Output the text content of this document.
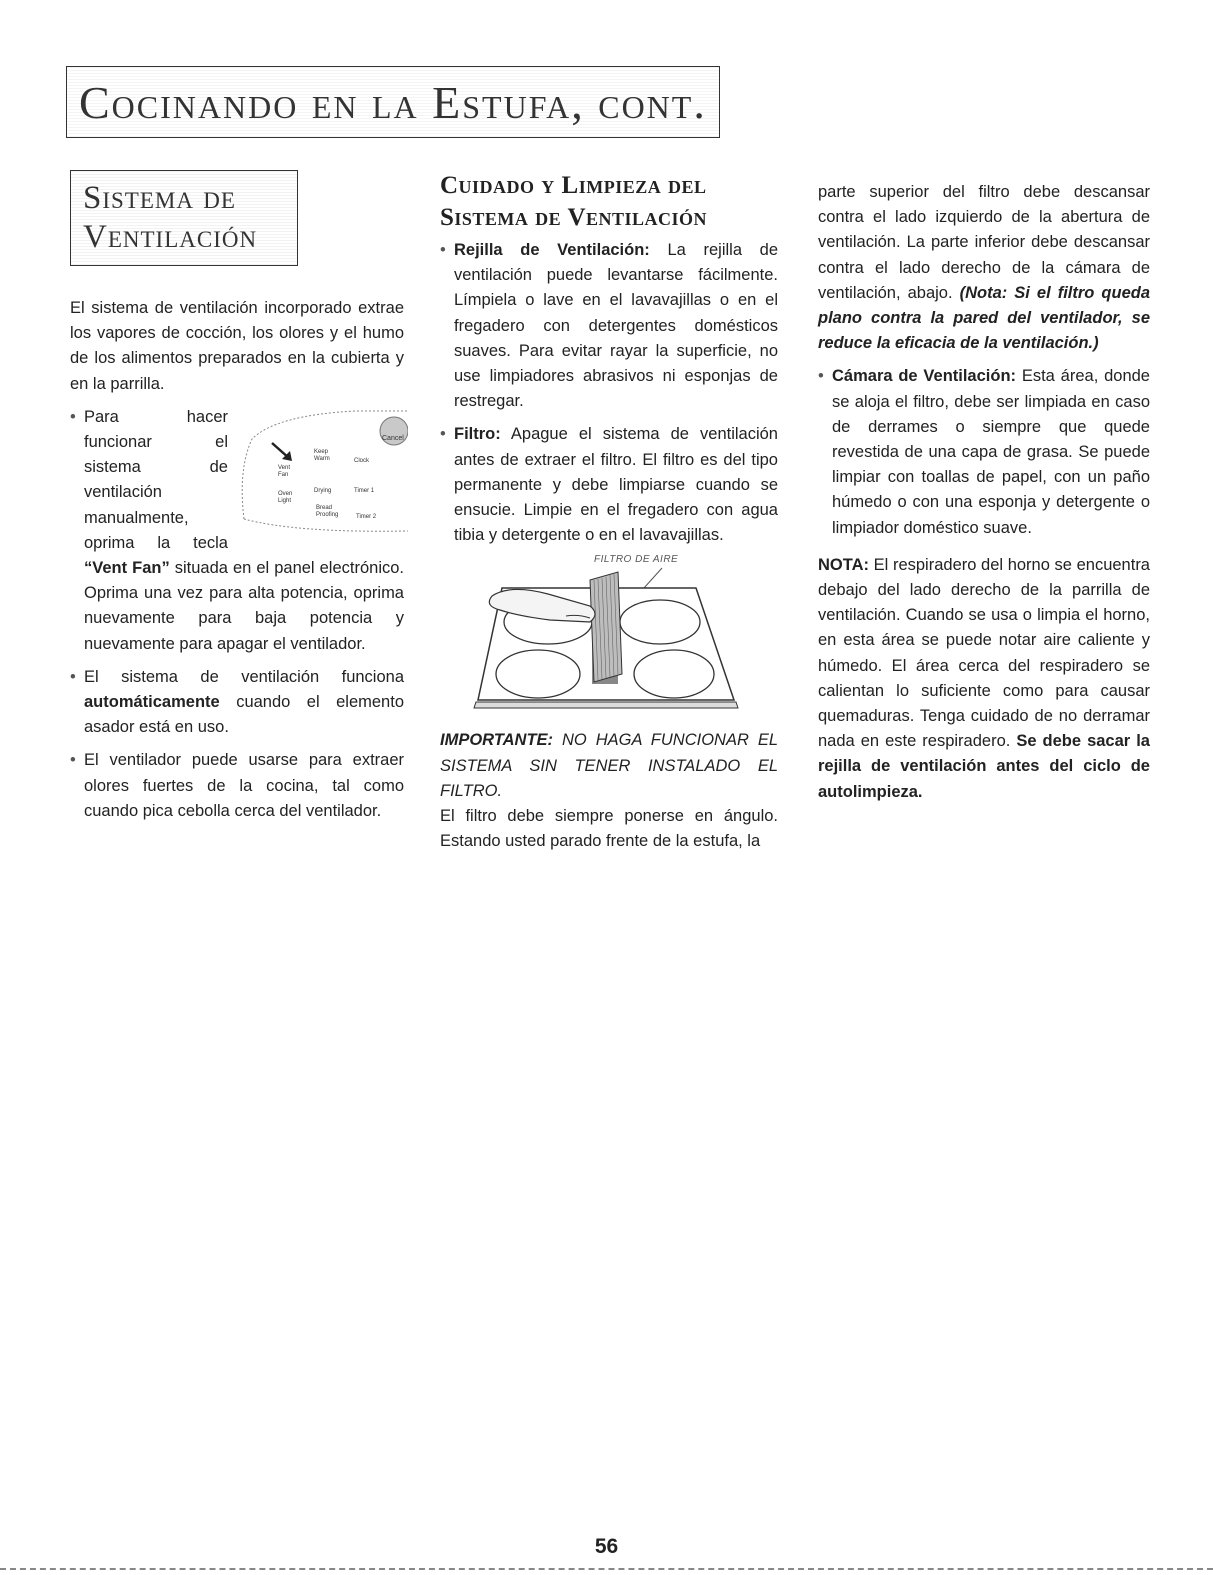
Cocinando en la Estufa, cont.
Sistema de
Ventilación

El sistema de ventilación incorporado extrae los vapores de cocción, los olores y el humo de los alimentos preparados en la cubierta y en la parrilla.

• Cancel
Vent Fan
Keep Warm	Clock
Drying	Timer 1
Oven Light
Bread Proofing	Timer 2
Para hacer funcionar el sistema de ventilación manualmente, oprima la tecla “Vent Fan” situada en el panel electrónico. Oprima una vez para alta potencia, oprima nuevamente para baja potencia y nuevamente para apagar el ventilador.
• El sistema de ventilación funciona automáticamente cuando el elemento asador está en uso.
• El ventilador puede usarse para extraer olores fuertes de la cocina, tal como cuando pica cebolla cerca del ventilador.
Cuidado y Limpieza del
Sistema de Ventilación
• Rejilla de Ventilación: La rejilla de ventilación puede levantarse fácilmente. Límpiela o lave en el lavavajillas o en el fregadero con detergentes domésticos suaves. Para evitar rayar la superficie, no use limpiadores abrasivos ni esponjas de restregar.
• Filtro: Apague el sistema de ventilación antes de extraer el filtro. El filtro es del tipo permanente y debe limpiarse cuando se ensucie. Limpie en el fregadero con agua tibia y detergente o en el lavavajillas.
FILTRO DE AIRE

IMPORTANTE: NO HAGA FUNCIONAR EL SISTEMA SIN TENER INSTALADO EL FILTRO.

El filtro debe siempre ponerse en ángulo. Estando usted parado frente de la estufa, la

parte superior del filtro debe descansar contra el lado izquierdo de la abertura de ventilación. La parte inferior debe descansar contra el lado derecho de la cámara de ventilación, abajo. (Nota: Si el filtro queda plano contra la pared del ventilador, se reduce la eficacia de la ventilación.)

• Cámara de Ventilación: Esta área, donde se aloja el filtro, debe ser limpiada en caso de derrames o siempre que quede revestida de una capa de grasa. Se puede limpiar con toallas de papel, con un paño húmedo o con una esponja y detergente o limpiador doméstico suave.

NOTA: El respiradero del horno se encuentra debajo del lado derecho de la parrilla de ventilación. Cuando se usa o limpia el horno, en esta área se puede notar aire caliente y húmedo. El área cerca del respiradero se calientan lo suficiente como para causar quemaduras. Tenga cuidado de no derramar nada en este respiradero. Se debe sacar la rejilla de ventilación antes del ciclo de autolimpieza.

56
